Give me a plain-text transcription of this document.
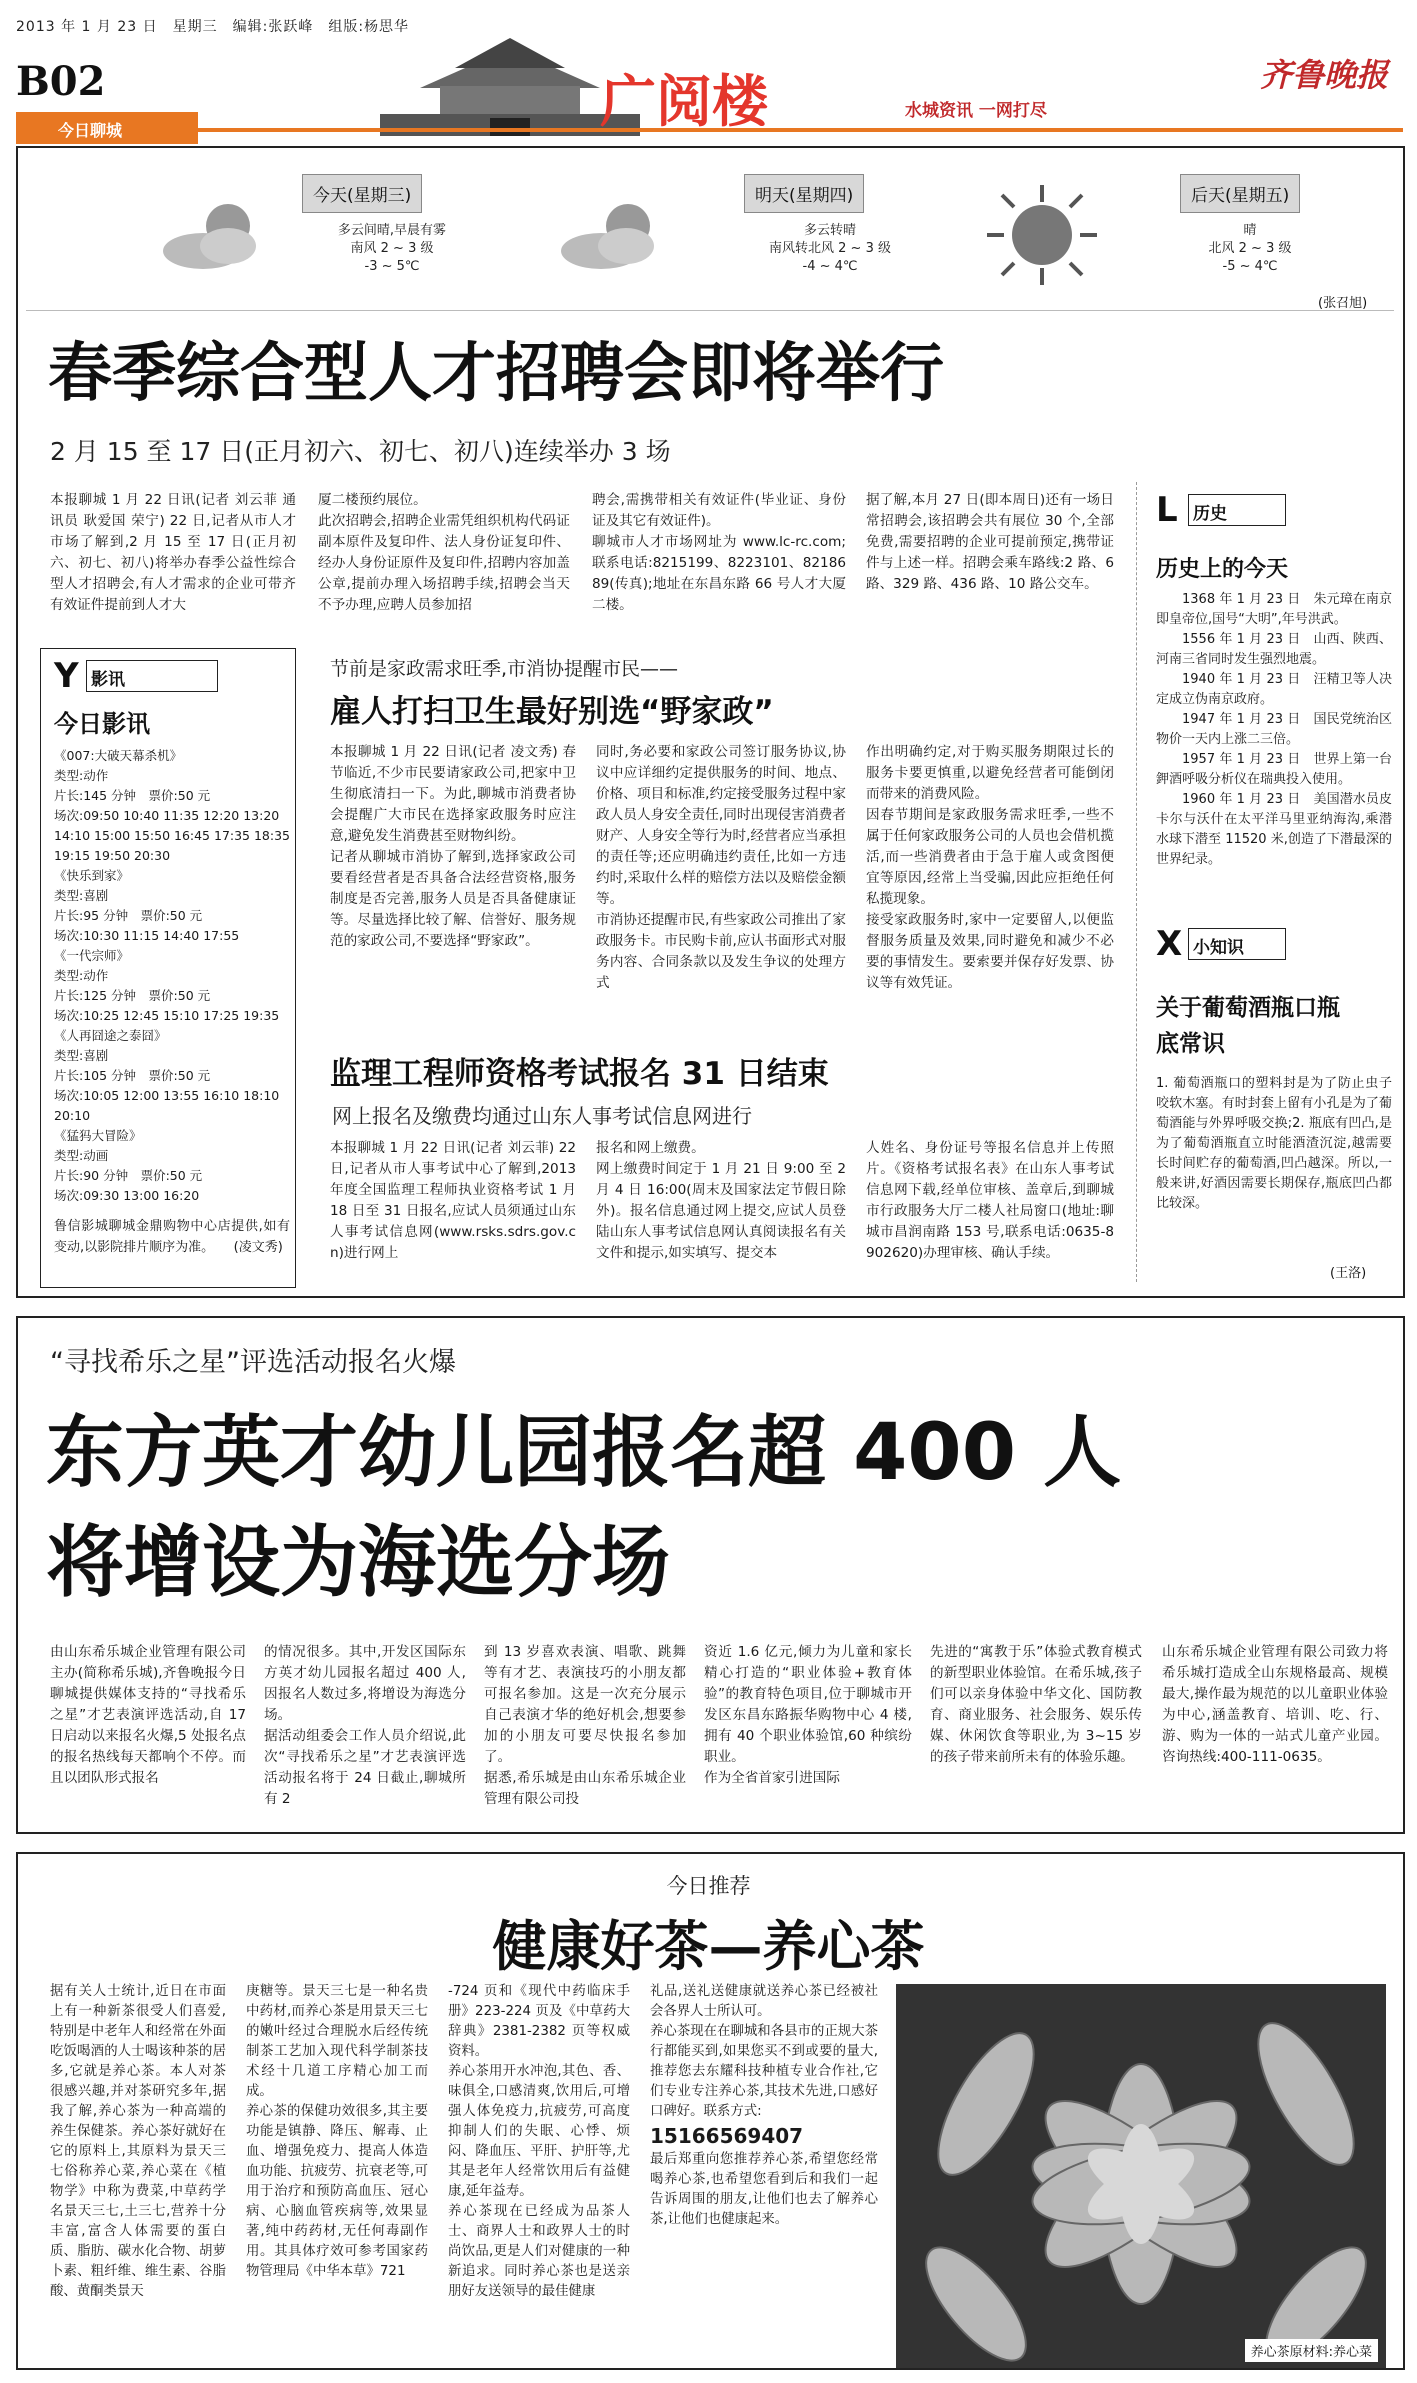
2013 年 1 月 23 日　星期三　编辑:张跃峰　组版:杨思华
B02
今日聊城	广阅楼	水城资讯 一网打尽
齐鲁晚报
今天(星期三)
多云间晴,早晨有雾
南风 2 ~ 3 级
-3 ~ 5℃
明天(星期四)
多云转晴
南风转北风 2 ~ 3 级
-4 ~ 4℃
后天(星期五)
晴
北风 2 ~ 3 级
-5 ~ 4℃
(张召旭)
春季综合型人才招聘会即将举行
2 月 15 至 17 日(正月初六、初七、初八)连续举办 3 场
本报聊城 1 月 22 日讯(记者 刘云菲 通讯员 耿爱国 荣宁) 22 日,记者从市人才市场了解到,2 月 15 至 17 日(正月初六、初七、初八)将举办春季公益性综合型人才招聘会,有人才需求的企业可带齐有效证件提前到人才大
厦二楼预约展位。
此次招聘会,招聘企业需凭组织机构代码证副本原件及复印件、法人身份证复印件、经办人身份证原件及复印件,招聘内容加盖公章,提前办理入场招聘手续,招聘会当天不予办理,应聘人员参加招
聘会,需携带相关有效证件(毕业证、身份证及其它有效证件)。
聊城市人才市场网址为 www.lc-rc.com;联系电话:8215199、8223101、8218689(传真);地址在东昌东路 66 号人才大厦二楼。
据了解,本月 27 日(即本周日)还有一场日常招聘会,该招聘会共有展位 30 个,全部免费,需要招聘的企业可提前预定,携带证件与上述一样。招聘会乘车路线:2 路、6 路、329 路、436 路、10 路公交车。
Y 影讯
今日影讯
《007:大破天幕杀机》
类型:动作
片长:145 分钟　票价:50 元
场次:09:50 10:40 11:35 12:20 13:20
14:10 15:00 15:50 16:45 17:35 18:35
19:15 19:50 20:30
《快乐到家》
类型:喜剧
片长:95 分钟　票价:50 元
场次:10:30 11:15 14:40 17:55
《一代宗师》
类型:动作
片长:125 分钟　票价:50 元
场次:10:25 12:45 15:10 17:25 19:35
《人再囧途之泰囧》
类型:喜剧
片长:105 分钟　票价:50 元
场次:10:05 12:00 13:55 16:10 18:10
20:10
《猛犸大冒险》
类型:动画
片长:90 分钟　票价:50 元
场次:09:30 13:00 16:20
鲁信影城聊城金鼎购物中心店提供,如有变动,以影院排片顺序为准。　　(凌文秀)
节前是家政需求旺季,市消协提醒市民——
雇人打扫卫生最好别选“野家政”
本报聊城 1 月 22 日讯(记者 凌文秀) 春节临近,不少市民要请家政公司,把家中卫生彻底清扫一下。为此,聊城市消费者协会提醒广大市民在选择家政服务时应注意,避免发生消费甚至财物纠纷。
记者从聊城市消协了解到,选择家政公司要看经营者是否具备合法经营资格,服务制度是否完善,服务人员是否具备健康证等。尽量选择比较了解、信誉好、服务规范的家政公司,不要选择“野家政”。
同时,务必要和家政公司签订服务协议,协议中应详细约定提供服务的时间、地点、价格、项目和标准,约定接受服务过程中家政人员人身安全责任,同时出现侵害消费者财产、人身安全等行为时,经营者应当承担的责任等;还应明确违约责任,比如一方违约时,采取什么样的赔偿方法以及赔偿金额等。
市消协还提醒市民,有些家政公司推出了家政服务卡。市民购卡前,应认书面形式对服务内容、合同条款以及发生争议的处理方式
作出明确约定,对于购买服务期限过长的服务卡要更慎重,以避免经营者可能倒闭而带来的消费风险。
因春节期间是家政服务需求旺季,一些不属于任何家政服务公司的人员也会借机揽活,而一些消费者由于急于雇人或贪图便宜等原因,经常上当受骗,因此应拒绝任何私揽现象。
接受家政服务时,家中一定要留人,以便监督服务质量及效果,同时避免和减少不必要的事情发生。要索要并保存好发票、协议等有效凭证。
监理工程师资格考试报名 31 日结束
网上报名及缴费均通过山东人事考试信息网进行
本报聊城 1 月 22 日讯(记者 刘云菲) 22 日,记者从市人事考试中心了解到,2013 年度全国监理工程师执业资格考试 1 月 18 日至 31 日报名,应试人员须通过山东人事考试信息网(www.rsks.sdrs.gov.cn)进行网上
报名和网上缴费。
网上缴费时间定于 1 月 21 日 9:00 至 2 月 4 日 16:00(周末及国家法定节假日除外)。报名信息通过网上提交,应试人员登陆山东人事考试信息网认真阅读报名有关文件和提示,如实填写、提交本
人姓名、身份证号等报名信息并上传照片。《资格考试报名表》在山东人事考试信息网下载,经单位审核、盖章后,到聊城市行政服务大厅二楼人社局窗口(地址:聊城市昌润南路 153 号,联系电话:0635-8902620)办理审核、确认手续。
L 历史
历史上的今天
1368 年 1 月 23 日　朱元璋在南京即皇帝位,国号“大明”,年号洪武。
1556 年 1 月 23 日　山西、陕西、河南三省同时发生强烈地震。
1940 年 1 月 23 日　汪精卫等人决定成立伪南京政府。
1947 年 1 月 23 日　国民党统治区物价一天内上涨二三倍。
1957 年 1 月 23 日　世界上第一台鉀酒呼吸分析仪在瑞典投入使用。
1960 年 1 月 23 日　美国潜水员皮卡尔与沃什在太平洋马里亚纳海沟,乘潜水球下潜至 11520 米,创造了下潜最深的世界纪录。
X 小知识
关于葡萄酒瓶口瓶底常识
1. 葡萄酒瓶口的塑料封是为了防止虫子咬软木塞。有时封套上留有小孔是为了葡萄酒能与外界呼吸交换;2. 瓶底有凹凸,是为了葡萄酒瓶直立时能酒渣沉淀,越需要长时间贮存的葡萄酒,凹凸越深。所以,一般来讲,好酒因需要长期保存,瓶底凹凸都比较深。
(王洛)
“寻找希乐之星”评选活动报名火爆
东方英才幼儿园报名超 400 人
将增设为海选分场
由山东希乐城企业管理有限公司主办(简称希乐城),齐鲁晚报今日聊城提供媒体支持的“寻找希乐之星”才艺表演评选活动,自 17 日启动以来报名火爆,5 处报名点的报名热线每天都响个不停。而且以团队形式报名
的情况很多。其中,开发区国际东方英才幼儿园报名超过 400 人,因报名人数过多,将增设为海选分场。
据活动组委会工作人员介绍说,此次“寻找希乐之星”才艺表演评选活动报名将于 24 日截止,聊城所有 2
到 13 岁喜欢表演、唱歌、跳舞等有才艺、表演技巧的小朋友都可报名参加。这是一次充分展示自己表演才华的绝好机会,想要参加的小朋友可要尽快报名参加了。
据悉,希乐城是由山东希乐城企业管理有限公司投
资近 1.6 亿元,倾力为儿童和家长精心打造的“职业体验+教育体验”的教育特色项目,位于聊城市开发区东昌东路振华购物中心 4 楼,拥有 40 个职业体验馆,60 种缤纷职业。
作为全省首家引进国际
先进的“寓教于乐”体验式教育模式的新型职业体验馆。在希乐城,孩子们可以亲身体验中华文化、国防教育、商业服务、社会服务、娱乐传媒、休闲饮食等职业,为 3~15 岁的孩子带来前所未有的体验乐趣。
山东希乐城企业管理有限公司致力将希乐城打造成全山东规格最高、规模最大,操作最为规范的以儿童职业体验为中心,涵盖教育、培训、吃、行、游、购为一体的一站式儿童产业园。咨询热线:400-111-0635。
今日推荐
健康好茶—养心茶
据有关人士统计,近日在市面上有一种新茶很受人们喜爱,特别是中老年人和经常在外面吃饭喝酒的人士喝该种茶的居多,它就是养心茶。本人对茶很感兴趣,并对茶研究多年,据我了解,养心茶为一种高端的养生保健茶。养心茶好就好在它的原料上,其原料为景天三七俗称养心菜,养心菜在《植物学》中称为费菜,中草药学名景天三七,土三七,营养十分丰富,富含人体需要的蛋白质、脂肪、碳水化合物、胡萝卜素、粗纤维、维生素、谷脂酸、黄酮类景天
庚糖等。景天三七是一种名贵中药材,而养心茶是用景天三七的嫩叶经过合理脱水后经传统制茶工艺加入现代科学制茶技术经十几道工序精心加工而成。
养心茶的保健功效很多,其主要功能是镇静、降压、解毒、止血、增强免疫力、提高人体造血功能、抗疲劳、抗衰老等,可用于治疗和预防高血压、冠心病、心脑血管疾病等,效果显著,纯中药药材,无任何毒副作用。其具体疗效可参考国家药物管理局《中华本草》721
-724 页和《现代中药临床手册》223-224 页及《中草药大辞典》2381-2382 页等权威资料。
养心茶用开水冲泡,其色、香、味俱全,口感清爽,饮用后,可增强人体免疫力,抗疲劳,可高度抑制人们的失眠、心悸、烦闷、降血压、平肝、护肝等,尤其是老年人经常饮用后有益健康,延年益寿。
养心茶现在已经成为品茶人士、商界人士和政界人士的时尚饮品,更是人们对健康的一种新追求。同时养心茶也是送亲朋好友送领导的最佳健康
礼品,送礼送健康就送养心茶已经被社会各界人士所认可。
养心茶现在在聊城和各县市的正规大茶行都能买到,如果您买不到或要的量大,推荐您去东耀科技种植专业合作社,它们专业专注养心茶,其技术先进,口感好口碑好。联系方式:
15166569407
最后郑重向您推荐养心茶,希望您经常喝养心茶,也希望您看到后和我们一起告诉周围的朋友,让他们也去了解养心茶,让他们也健康起来。
养心茶原材料:养心菜
